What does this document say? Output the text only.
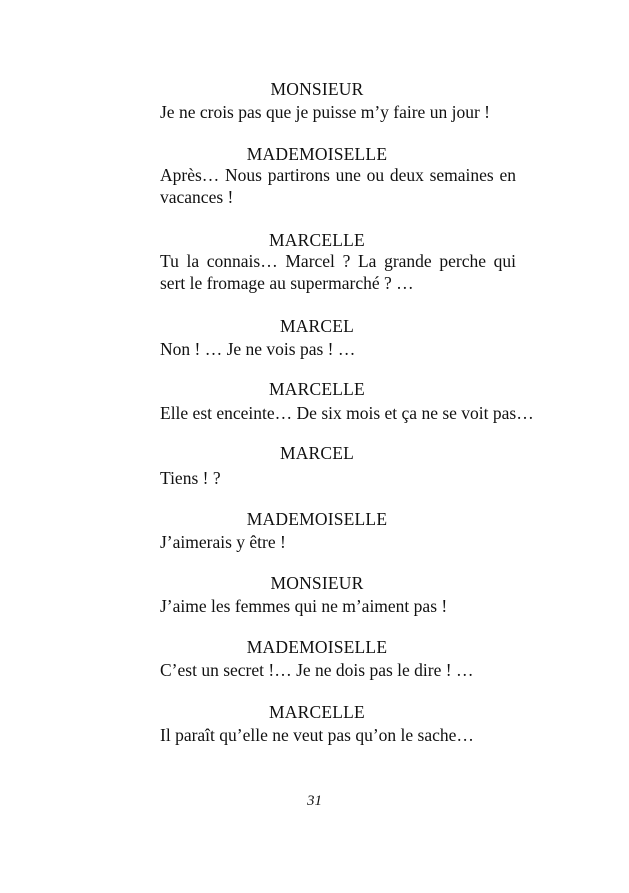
MONSIEUR
Je ne crois pas que je puisse m’y faire un jour !
MADEMOISELLE
Après… Nous partirons une ou deux semaines en vacances !
MARCELLE
Tu la connais… Marcel ? La grande perche qui sert le fromage au supermarché ? …
MARCEL
Non ! … Je ne vois pas ! …
MARCELLE
Elle est enceinte… De six mois et ça ne se voit pas…
MARCEL
Tiens ! ?
MADEMOISELLE
J’aimerais y être !
MONSIEUR
J’aime les femmes qui ne m’aiment pas !
MADEMOISELLE
C’est un secret !… Je ne dois pas le dire ! …
MARCELLE
Il paraît qu’elle ne veut pas qu’on le sache…
31
